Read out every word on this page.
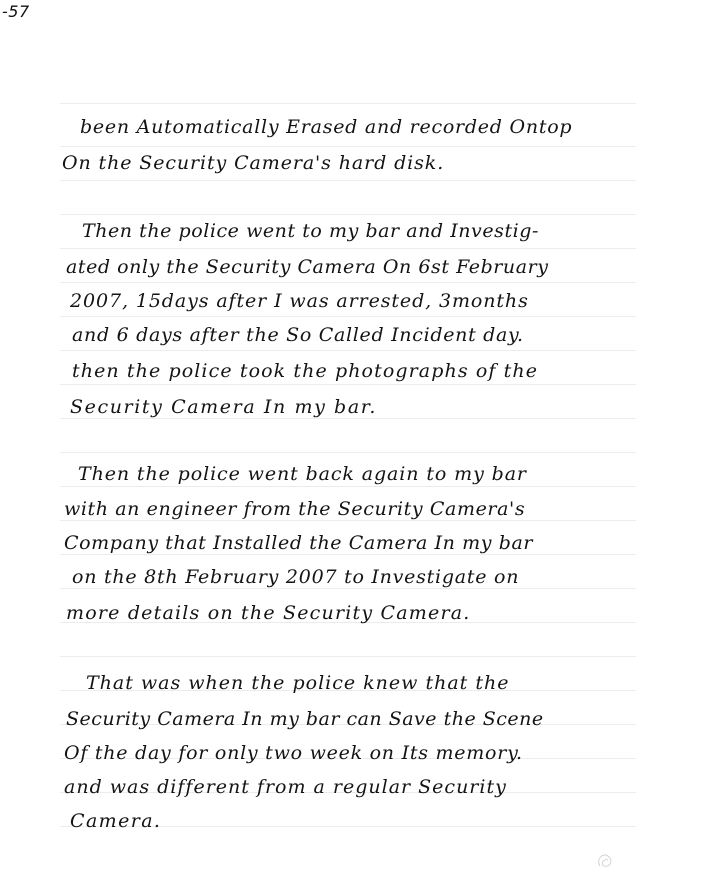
-57
been Automatically Erased and recorded Ontop
On the Security Camera's hard disk.
Then the police went to my bar and Investig-
ated only the Security Camera On 6st February
2007, 15days after I was arrested, 3months
and 6 days after the So Called Incident day.
then the police took the photographs of the
Security Camera In my bar.
Then the police went back again to my bar
with an engineer from the Security Camera's
Company that Installed the Camera In my bar
on the 8th February 2007 to Investigate on
more details on the Security Camera.
That was when the police knew that the
Security Camera In my bar can Save the Scene
Of the day for only two week on Its memory.
and was different from a regular Security
Camera.
